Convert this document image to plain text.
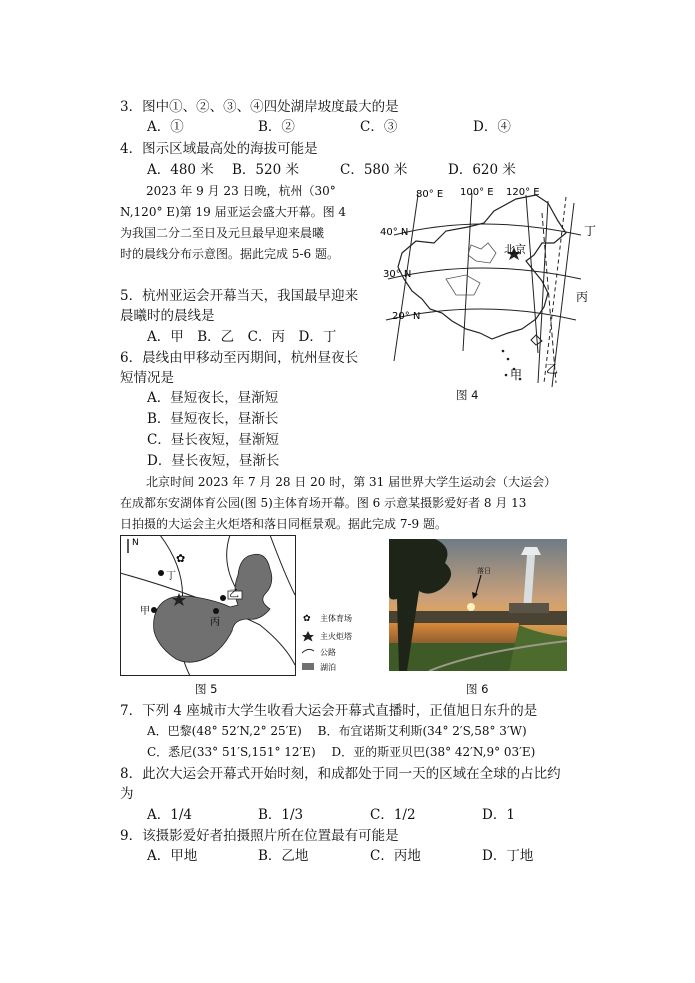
3．图中①、②、③、④四处湖岸坡度最大的是
A．①	B．②	C．③	D．④
4．图示区域最高处的海拔可能是
A．480 米 B．520 米	C．580 米	D．620 米
2023 年 9 月 23 日晚，杭州（30°
N,120° E)第 19 届亚运会盛大开幕。图 4
为我国二分二至日及元旦最早迎来晨曦
时的晨线分布示意图。据此完成 5-6 题。
5．杭州亚运会开幕当天，我国最早迎来
晨曦时的晨线是
A．甲　B．乙　C．丙　D．丁
6．晨线由甲移动至丙期间，杭州昼夜长
短情况是
A．昼短夜长，昼渐短
B．昼短夜长，昼渐长
C．昼长夜短，昼渐短
D．昼长夜短，昼渐长
80° E 100° E 120° E
40° N
30° N
20° N
北京
甲 乙
丙
丁
图 4
北京时间 2023 年 7 月 28 日 20 时，第 31 届世界大学生运动会（大运会）
在成都东安湖体育公园(图 5)主体育场开幕。图 6 示意某摄影爱好者 8 月 13
日拍摄的大运会主火炬塔和落日同框景观。据此完成 7-9 题。
N
✿
丁
甲
乙
丙	✿ 主体育场
主火炬塔
公路
湖泊
图 5
落日
图 6
7．下列 4 座城市大学生收看大运会开幕式直播时，正值旭日东升的是
A．巴黎(48° 52′N,2° 25′E)　 B．布宜诺斯艾利斯(34° 2′S,58° 3′W)
C．悉尼(33° 51′S,151° 12′E)　 D．亚的斯亚贝巴(38° 42′N,9° 03′E)
8．此次大运会开幕式开始时刻，和成都处于同一天的区域在全球的占比约
为
A．1/4	B．1/3	C．1/2	D．1
9．该摄影爱好者拍摄照片所在位置最有可能是
A．甲地	B．乙地	C．丙地	D．丁地
